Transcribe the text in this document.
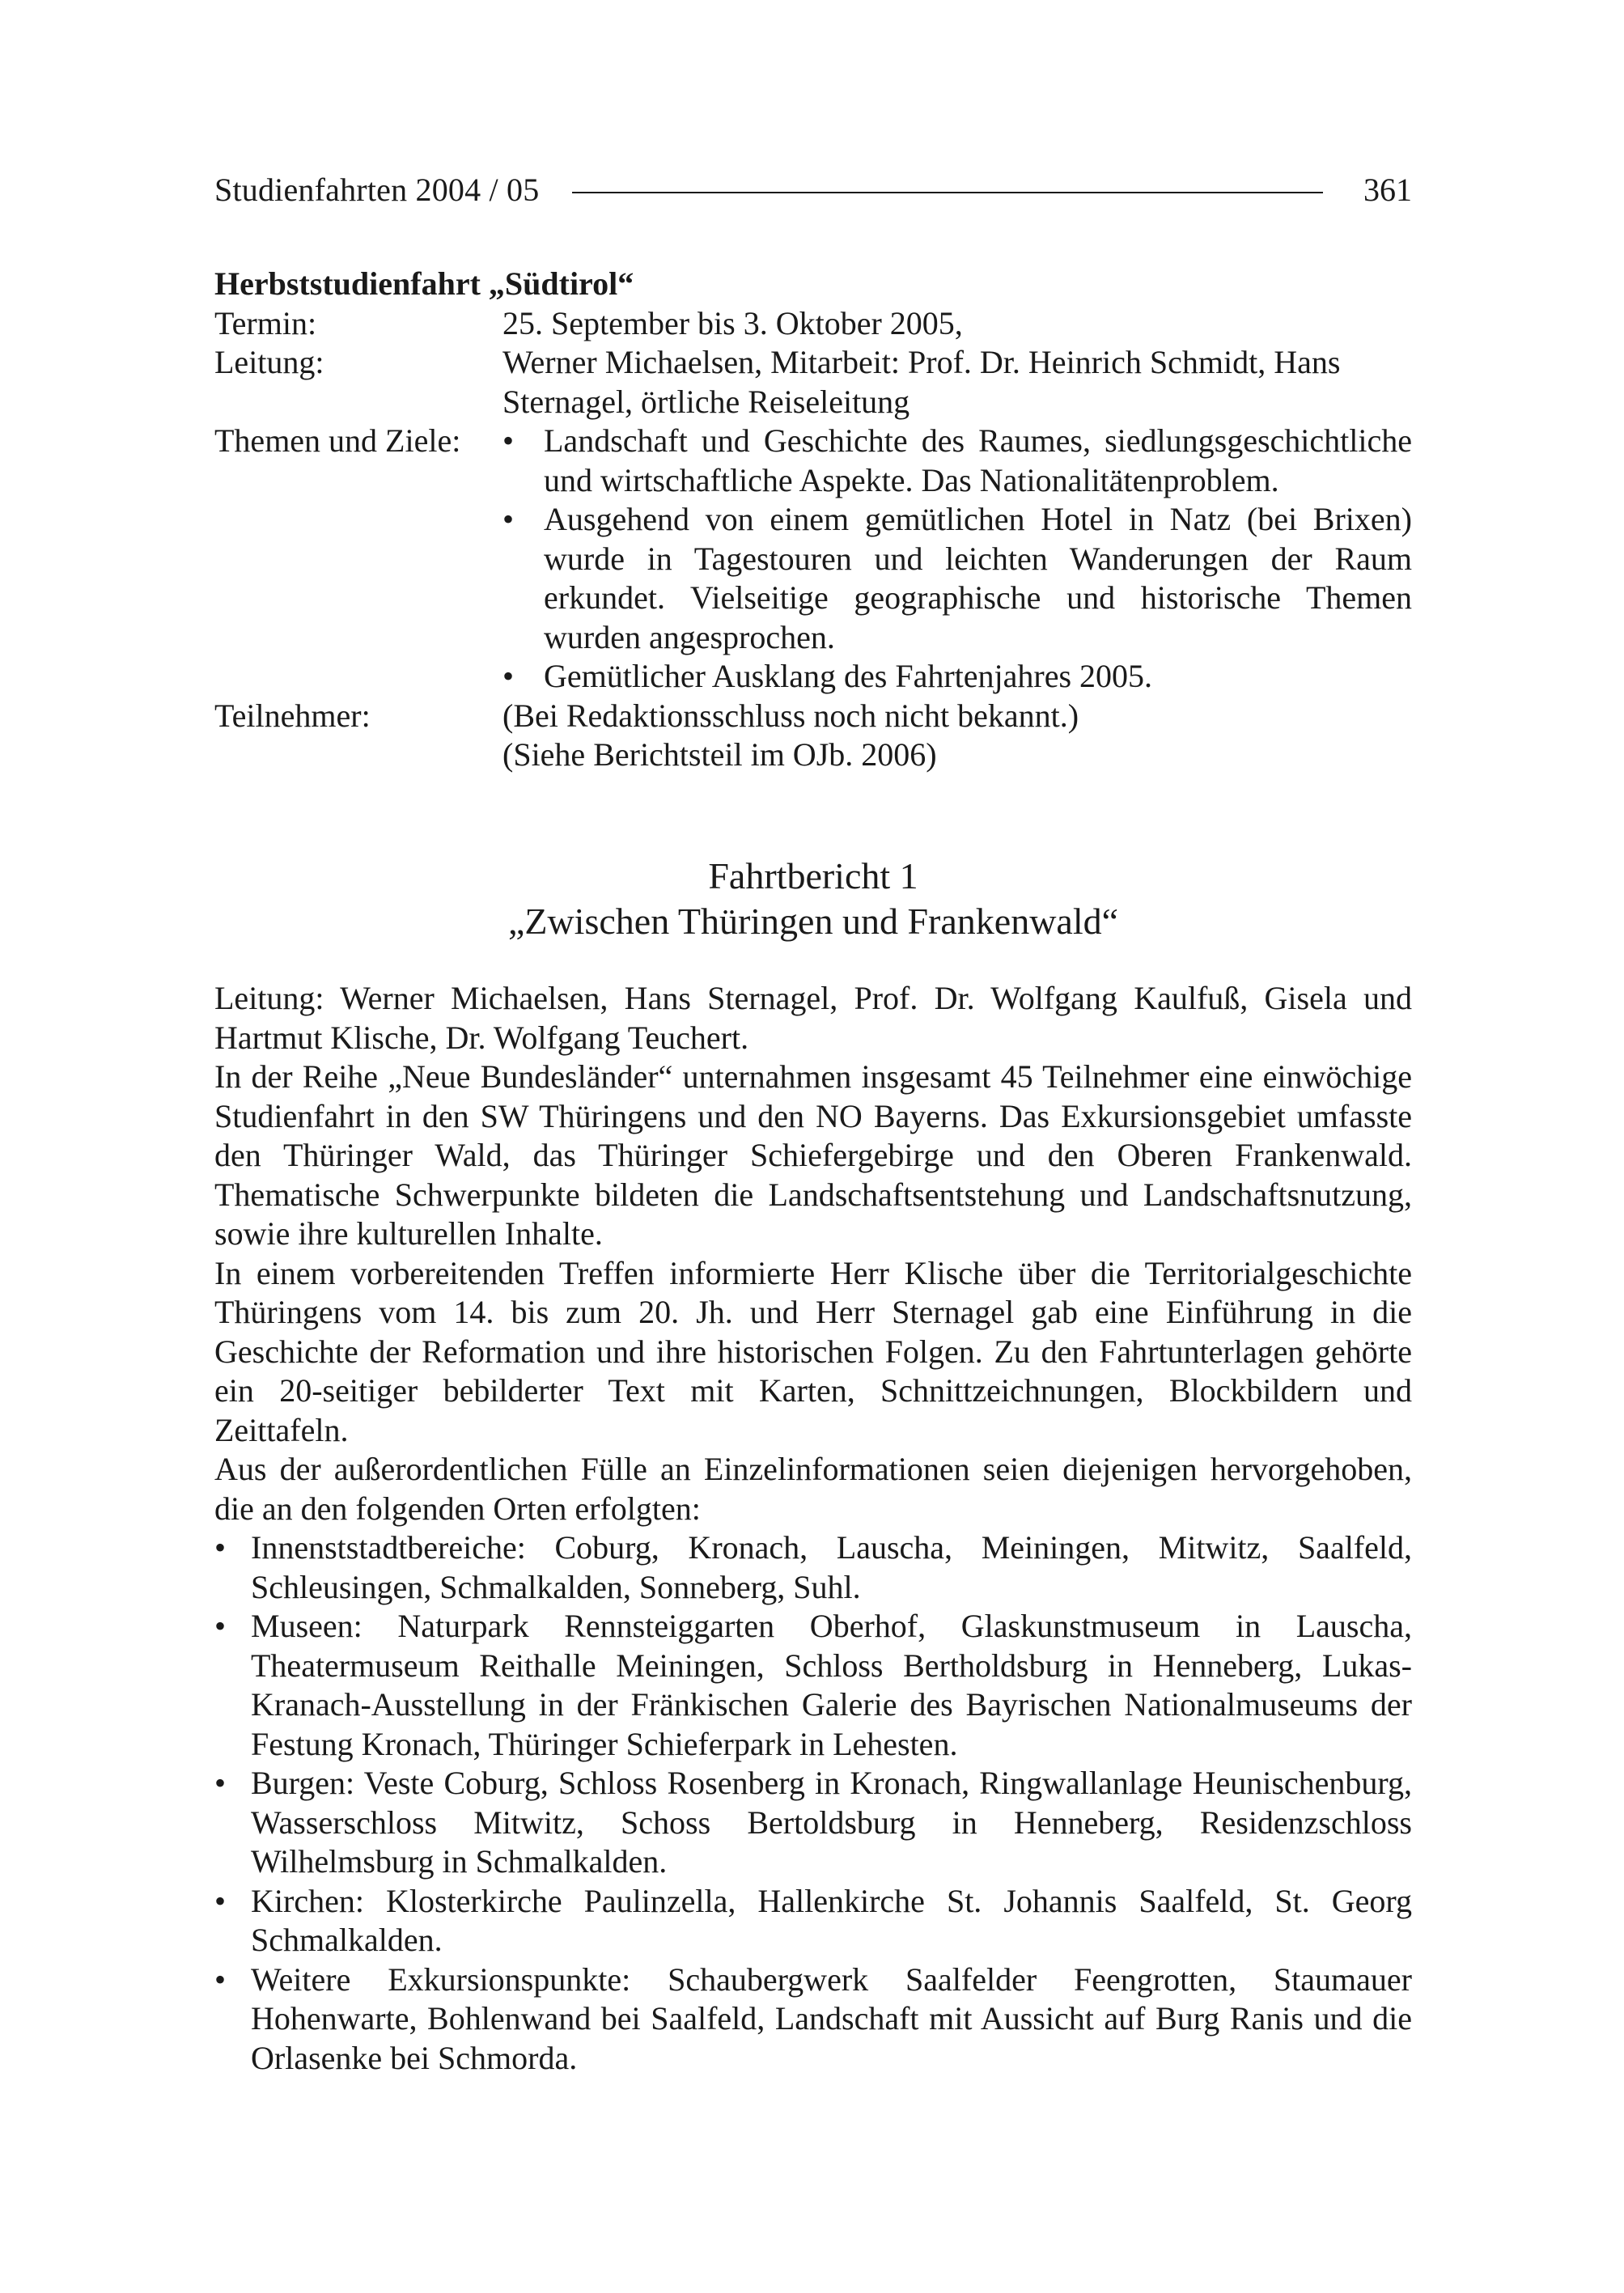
Studienfahrten 2004 / 05	361

Herbststudienfahrt „Südtirol“

Termin:	25. September bis 3. Oktober 2005,
Leitung:	Werner Michaelsen, Mitarbeit: Prof. Dr. Heinrich Schmidt, Hans Sternagel, örtliche Reiseleitung
Themen und Ziele: • Landschaft und Geschichte des Raumes, siedlungsgeschichtliche und wirtschaftliche Aspekte. Das Nationalitätenproblem.
• Ausgehend von einem gemütlichen Hotel in Natz (bei Brixen) wurde in Tagestouren und leichten Wanderungen der Raum erkundet. Vielseitige geographische und historische Themen wurden angesprochen.
• Gemütlicher Ausklang des Fahrtenjahres 2005.
Teilnehmer:	(Bei Redaktionsschluss noch nicht bekannt.)
(Siehe Berichtsteil im OJb. 2006)
Fahrtbericht 1
„Zwischen Thüringen und Frankenwald“

Leitung: Werner Michaelsen, Hans Sternagel, Prof. Dr. Wolfgang Kaulfuß, Gisela und Hartmut Klische, Dr. Wolfgang Teuchert.

In der Reihe „Neue Bundesländer“ unternahmen insgesamt 45 Teilnehmer eine einwöchige Studienfahrt in den SW Thüringens und den NO Bayerns. Das Exkursionsgebiet umfasste den Thüringer Wald, das Thüringer Schiefergebirge und den Oberen Frankenwald. Thematische Schwerpunkte bildeten die Landschaftsentstehung und Landschaftsnutzung, sowie ihre kulturellen Inhalte.

In einem vorbereitenden Treffen informierte Herr Klische über die Territorialgeschichte Thüringens vom 14. bis zum 20. Jh. und Herr Sternagel gab eine Einführung in die Geschichte der Reformation und ihre historischen Folgen. Zu den Fahrtunterlagen gehörte ein 20-seitiger bebilderter Text mit Karten, Schnittzeichnungen, Blockbildern und Zeittafeln.

Aus der außerordentlichen Fülle an Einzelinformationen seien diejenigen hervorgehoben, die an den folgenden Orten erfolgten:

• Innenststadtbereiche: Coburg, Kronach, Lauscha, Meiningen, Mitwitz, Saalfeld, Schleusingen, Schmalkalden, Sonneberg, Suhl.
• Museen: Naturpark Rennsteiggarten Oberhof, Glaskunstmuseum in Lauscha, Theatermuseum Reithalle Meiningen, Schloss Bertholdsburg in Henneberg, Lukas-Kranach-Ausstellung in der Fränkischen Galerie des Bayrischen Nationalmuseums der Festung Kronach, Thüringer Schieferpark in Lehesten.
• Burgen: Veste Coburg, Schloss Rosenberg in Kronach, Ringwallanlage Heunischenburg, Wasserschloss Mitwitz, Schoss Bertoldsburg in Henneberg, Residenzschloss Wilhelmsburg in Schmalkalden.
• Kirchen: Klosterkirche Paulinzella, Hallenkirche St. Johannis Saalfeld, St. Georg Schmalkalden.
• Weitere Exkursionspunkte: Schaubergwerk Saalfelder Feengrotten, Staumauer Hohenwarte, Bohlenwand bei Saalfeld, Landschaft mit Aussicht auf Burg Ranis und die Orlasenke bei Schmorda.
